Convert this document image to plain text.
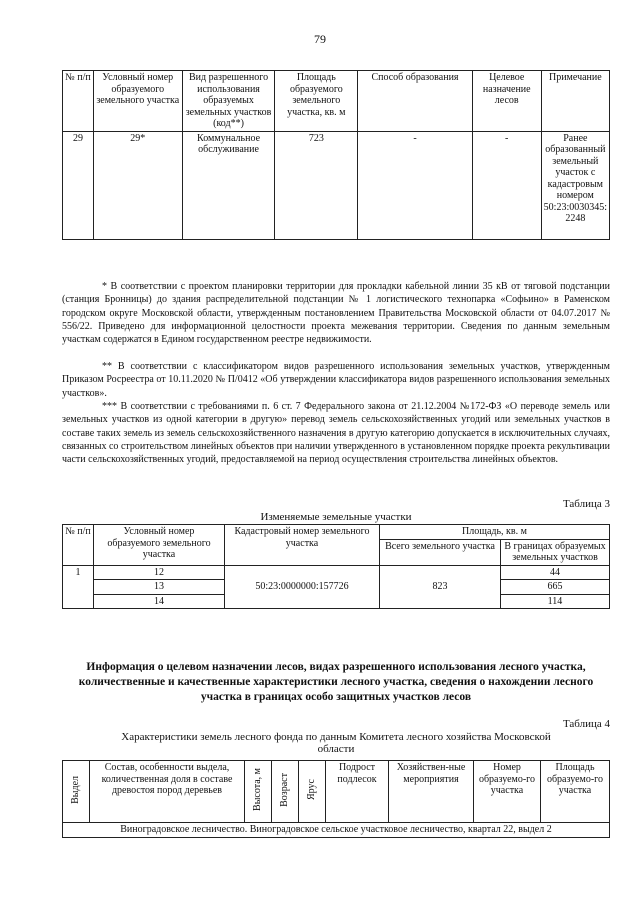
79
№ п/п	Условный номер образуемого земельного участка	Вид разрешенного использования образуемых земельных участков (код**)	Площадь образуемого земельного участка, кв. м	Способ образования	Целевое назначение лесов	Примечание
29	29*	Коммунальное обслуживание	723	-	-	Ранее образованный земельный участок с кадастровым номером 50:23:0030345: 2248
* В соответствии с проектом планировки территории для прокладки кабельной линии 35 кВ от тяговой подстанции (станция Бронницы) до здания распределительной подстанции № 1 логистического технопарка «Софьино» в Раменском городском округе Московской области, утвержденным постановлением Правительства Московской области от 04.07.2017 № 556/22. Приведено для информационной целостности проекта межевания территории. Сведения по данным земельным участкам содержатся в Едином государственном реестре недвижимости.
** В соответствии с классификатором видов разрешенного использования земельных участков, утвержденным Приказом Росреестра от 10.11.2020 № П/0412 «Об утверждении классификатора видов разрешенного использования земельных участков».
*** В соответствии с требованиями п. 6 ст. 7 Федерального закона от 21.12.2004 №172-ФЗ «О переводе земель или земельных участков из одной категории в другую» перевод земель сельскохозяйственных угодий или земельных участков в составе таких земель из земель сельскохозяйственного назначения в другую категорию допускается в исключительных случаях, связанных со строительством линейных объектов при наличии утвержденного в установленном порядке проекта рекультивации части сельскохозяйственных угодий, предоставляемой на период осуществления строительства линейных объектов.
Таблица 3
Изменяемые земельные участки
№ п/п	Условный номер образуемого земельного участка	Кадастровый номер земельного участка	Площадь, кв. м	
			Всего земельного участка	В границах образуемых земельных участков
1	12	50:23:0000000:157726	823	44
	13			665
	14			114
Информация о целевом назначении лесов, видах разрешенного использования лесного участка, количественные и качественные характеристики лесного участка, сведения о нахождении лесного участка в границах особо защитных участков лесов
Таблица 4
Характеристики земель лесного фонда по данным Комитета лесного хозяйства Московской области
Выдел	Состав, особенности выдела, количественная доля в составе древостоя пород деревьев	Высота, м	Возраст	Ярус	Подрост подлесок	Хозяйствен-ные мероприятия	Номер образуемо-го участка	Площадь образуемо-го участка
Виноградовское лесничество. Виноградовское сельское участковое лесничество, квартал 22, выдел 2
